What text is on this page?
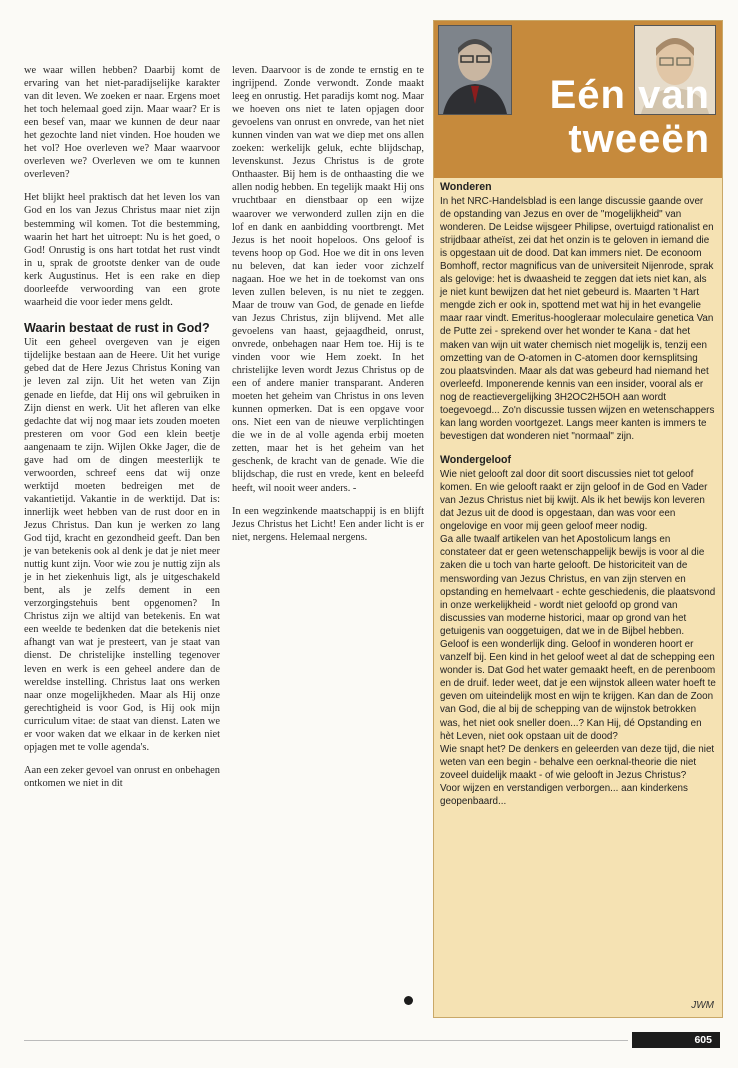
we waar willen hebben? Daarbij komt de ervaring van het niet-paradijselijke karakter van dit leven. We zoeken er naar. Ergens moet het toch helemaal goed zijn. Maar waar? Er is een besef van, maar we kunnen de deur naar het gezochte land niet vinden. Hoe houden we het vol? Hoe overleven we? Maar waarvoor overleven we? Overleven we om te kunnen overleven?

Het blijkt heel praktisch dat het leven los van God en los van Jezus Christus maar niet zijn bestemming wil komen. Tot die bestemming, waarin het hart het uitroept: Nu is het goed, o God! Onrustig is ons hart totdat het rust vindt in u, sprak de grootste denker van de oude kerk Augustinus. Het is een rake en diep doorleefde verwoording van een grote waarheid die voor ieder mens geldt.

Waarin bestaat de rust in God?

Uit een geheel overgeven van je eigen tijdelijke bestaan aan de Heere. Uit het vurige gebed dat de Here Jezus Christus Koning van je leven zal zijn. Uit het weten van Zijn genade en liefde, dat Hij ons wil gebruiken in Zijn dienst en werk. Uit het afleren van elke gedachte dat wij nog maar iets zouden moeten presteren om voor God een klein beetje aangenaam te zijn. Wijlen Okke Jager, die de gave had om de dingen meesterlijk te verwoorden, schreef eens dat wij onze werktijd moeten bedreigen met de vakantietijd. Vakantie in de werktijd. Dat is: innerlijk weet hebben van de rust door en in Jezus Christus. Dan kun je werken zo lang God tijd, kracht en gezondheid geeft. Dan ben je van betekenis ook al denk je dat je niet meer nuttig kunt zijn. Voor wie zou je nuttig zijn als je in het ziekenhuis ligt, als je uitgeschakeld bent, als je zelfs dement in een verzorgingstehuis bent opgenomen? In Christus zijn we altijd van betekenis. En wat een weelde te bedenken dat die betekenis niet afhangt van wat je presteert, van je staat van dienst. De christelijke instelling tegenover leven en werk is een geheel andere dan de wereldse instelling. Christus laat ons werken naar onze mogelijkheden. Maar als Hij onze gerechtigheid is voor God, is Hij ook mijn curriculum vitae: de staat van dienst. Laten we er voor waken dat we elkaar in de kerken niet opjagen met te volle agenda's.

Aan een zeker gevoel van onrust en onbehagen ontkomen we niet in dit

leven. Daarvoor is de zonde te ernstig en te ingrijpend. Zonde verwondt. Zonde maakt leeg en onrustig. Het paradijs komt nog. Maar we hoeven ons niet te laten opjagen door gevoelens van onrust en onvrede, van het niet kunnen vinden van wat we diep met ons allen zoeken: werkelijk geluk, echte blijdschap, levenskunst. Jezus Christus is de grote Onthaaster. Bij hem is de onthaasting die we allen nodig hebben. En tegelijk maakt Hij ons vruchtbaar en dienstbaar op een wijze waarover we verwonderd zullen zijn en die lof en dank en aanbidding voortbrengt. Met Jezus is het nooit hopeloos. Ons geloof is tevens hoop op God. Hoe we dit in ons leven nu beleven, dat kan ieder voor zichzelf nagaan. Hoe we het in de toekomst van ons leven zullen beleven, is nu niet te zeggen. Maar de trouw van God, de genade en liefde van Jezus Christus, zijn blijvend. Met alle gevoelens van haast, gejaagdheid, onrust, onvrede, onbehagen naar Hem toe. Hij is te vinden voor wie Hem zoekt. In het christelijke leven wordt Jezus Christus op de een of andere manier transparant. Anderen moeten het geheim van Christus in ons leven kunnen opmerken. Dat is een opgave voor ons. Niet een van de nieuwe verplichtingen die we in de al volle agenda erbij moeten zetten, maar het is het geheim van het geschenk, de kracht van de genade. Wie die blijdschap, die rust en vrede, kent en beleefd heeft, wil nooit weer anders. -

In een wegzinkende maatschappij is en blijft Jezus Christus het Licht! Een ander licht is er niet, nergens. Helemaal nergens.

Eén van tweeën
Wonderen

In het NRC-Handelsblad is een lange discussie gaande over de opstanding van Jezus en over de "mogelijkheid" van wonderen. De Leidse wijsgeer Philipse, overtuigd rationalist en strijdbaar atheïst, zei dat het onzin is te geloven in iemand die is opgestaan uit de dood. Dat kan immers niet. De econoom Bomhoff, rector magnificus van de universiteit Nijenrode, sprak als gelovige: het is dwaasheid te zeggen dat iets niet kan, als je niet kunt bewijzen dat het niet gebeurd is. Maarten 't Hart mengde zich er ook in, spottend met wat hij in het evangelie maar raar vindt. Emeritus-hoogleraar moleculaire genetica Van de Putte zei - sprekend over het wonder te Kana - dat het maken van wijn uit water chemisch niet mogelijk is, tenzij een omzetting van de O-atomen in C-atomen door kernsplitsing zou plaatsvinden. Maar als dat was gebeurd had niemand het overleefd. Imponerende kennis van een insider, vooral als er nog de reactievergelijking 3H2OC2H5OH aan wordt toegevoegd... Zo'n discussie tussen wijzen en wetenschappers kan lang worden voortgezet. Langs meer kanten is immers te bevestigen dat wonderen niet "normaal" zijn.

Wondergeloof

Wie niet gelooft zal door dit soort discussies niet tot geloof komen. En wie gelooft raakt er zijn geloof in de God en Vader van Jezus Christus niet bij kwijt. Als ik het bewijs kon leveren dat Jezus uit de dood is opgestaan, dan was voor een ongelovige en voor mij geen geloof meer nodig.

Ga alle twaalf artikelen van het Apostolicum langs en constateer dat er geen wetenschappelijk bewijs is voor al die zaken die u toch van harte gelooft. De historiciteit van de menswording van Jezus Christus, en van zijn sterven en opstanding en hemelvaart - echte geschiedenis, die plaatsvond in onze werkelijkheid - wordt niet geloofd op grond van discussies van moderne historici, maar op grond van het getuigenis van ooggetuigen, dat we in de Bijbel hebben.

Geloof is een wonderlijk ding. Geloof in wonderen hoort er vanzelf bij. Een kind in het geloof weet al dat de schepping een wonder is. Dat God het water gemaakt heeft, en de perenboom en de druif. Ieder weet, dat je een wijnstok alleen water hoeft te geven om uiteindelijk most en wijn te krijgen. Kan dan de Zoon van God, die al bij de schepping van de wijnstok betrokken was, het niet ook sneller doen...? Kan Hij, dé Opstanding en hèt Leven, niet ook opstaan uit de dood?

Wie snapt het? De denkers en geleerden van deze tijd, die niet weten van een begin - behalve een oerknal-theorie die niet zoveel duidelijk maakt - of wie gelooft in Jezus Christus?

Voor wijzen en verstandigen verborgen... aan kinderkens geopenbaard...

JWM
605
